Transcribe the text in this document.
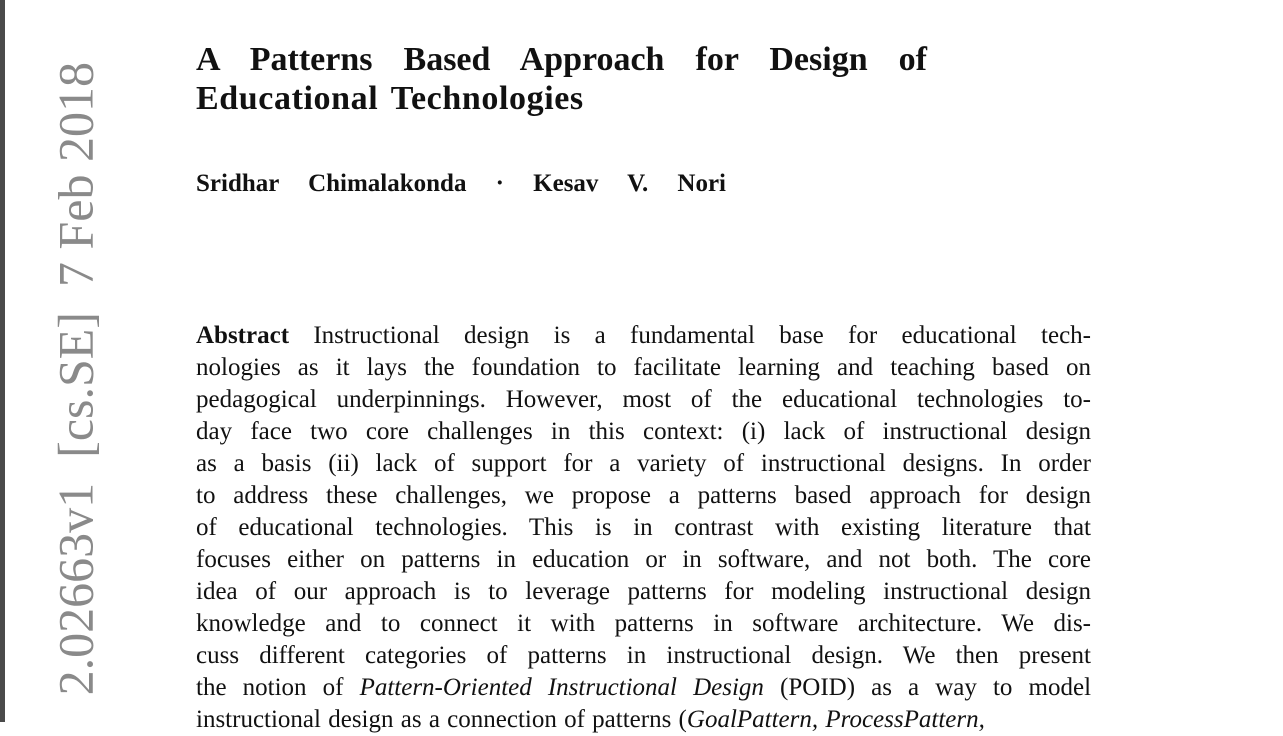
2.02663v1  [cs.SE]  7 Feb 2018
A Patterns Based Approach for Design of
Educational Technologies
Sridhar Chimalakonda · Kesav V. Nori
Abstract Instructional design is a fundamental base for educational tech-
nologies as it lays the foundation to facilitate learning and teaching based on
pedagogical underpinnings. However, most of the educational technologies to-
day face two core challenges in this context: (i) lack of instructional design
as a basis (ii) lack of support for a variety of instructional designs. In order
to address these challenges, we propose a patterns based approach for design
of educational technologies. This is in contrast with existing literature that
focuses either on patterns in education or in software, and not both. The core
idea of our approach is to leverage patterns for modeling instructional design
knowledge and to connect it with patterns in software architecture. We dis-
cuss different categories of patterns in instructional design. We then present
the notion of Pattern-Oriented Instructional Design (POID) as a way to model
instructional design as a connection of patterns (GoalPattern, ProcessPattern,
